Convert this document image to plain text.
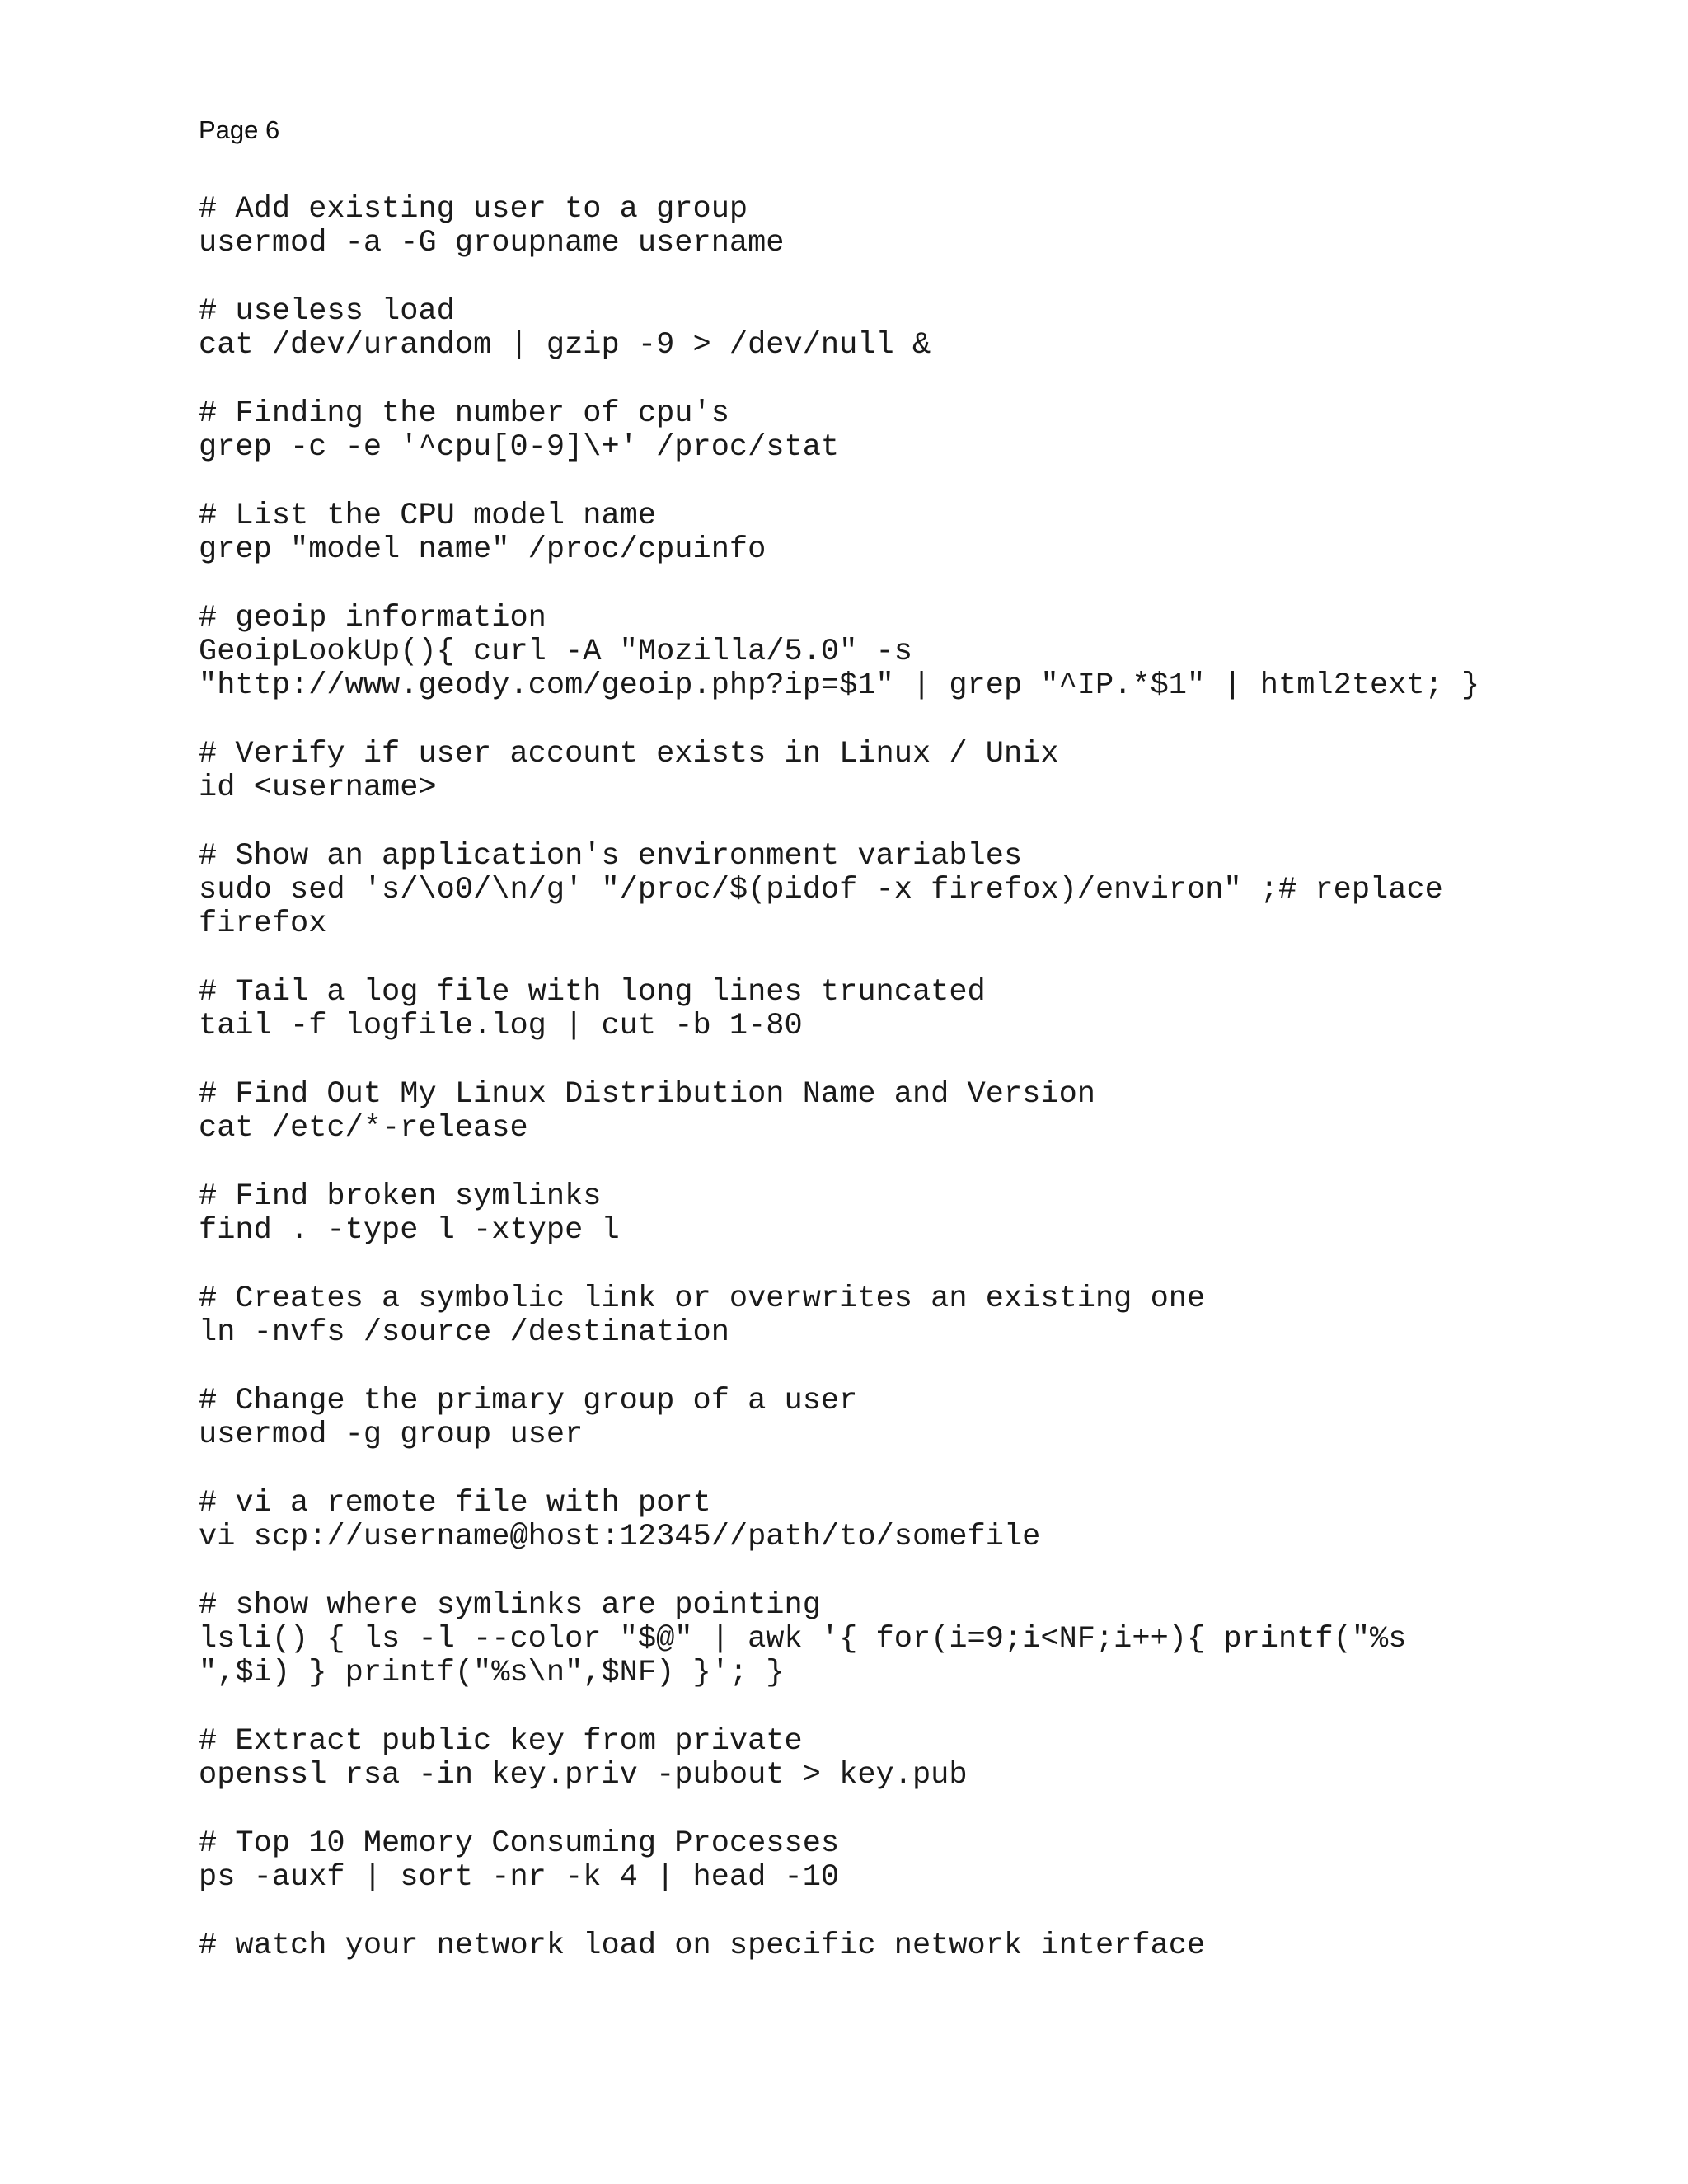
Page 6
# Add existing user to a group
usermod -a -G groupname username
# useless load
cat /dev/urandom | gzip -9 > /dev/null &
# Finding the number of cpu's
grep -c -e '^cpu[0-9]\+' /proc/stat
# List the CPU model name
grep "model name" /proc/cpuinfo
# geoip information
GeoipLookUp(){ curl -A "Mozilla/5.0" -s
"http://www.geody.com/geoip.php?ip=$1" | grep "^IP.*$1" | html2text; }
# Verify if user account exists in Linux / Unix
id <username>
# Show an application's environment variables
sudo sed 's/\o0/\n/g' "/proc/$(pidof -x firefox)/environ" ;# replace
firefox
# Tail a log file with long lines truncated
tail -f logfile.log | cut -b 1-80
# Find Out My Linux Distribution Name and Version
cat /etc/*-release
# Find broken symlinks
find . -type l -xtype l
# Creates a symbolic link or overwrites an existing one
ln -nvfs /source /destination
# Change the primary group of a user
usermod -g group user
# vi a remote file with port
vi scp://username@host:12345//path/to/somefile
# show where symlinks are pointing
lsli() { ls -l --color "$@" | awk '{ for(i=9;i<NF;i++){ printf("%s
",$i) } printf("%s\n",$NF) }'; }
# Extract public key from private
openssl rsa -in key.priv -pubout > key.pub
# Top 10 Memory Consuming Processes
ps -auxf | sort -nr -k 4 | head -10
# watch your network load on specific network interface
